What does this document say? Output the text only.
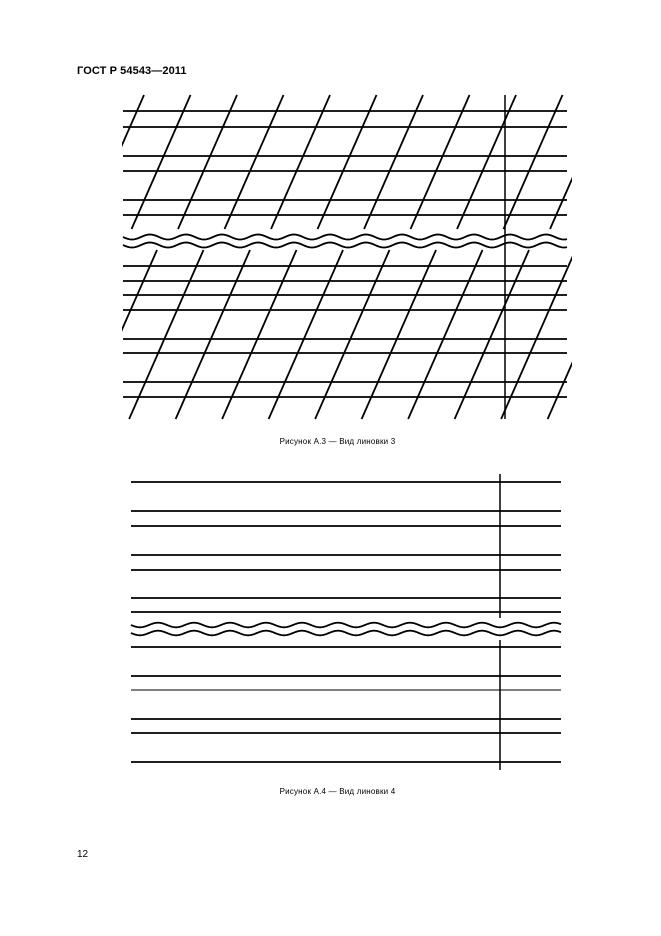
ГОСТ Р 54543—2011
Рисунок А.3 — Вид линовки 3
Рисунок А.4 — Вид линовки 4
12
